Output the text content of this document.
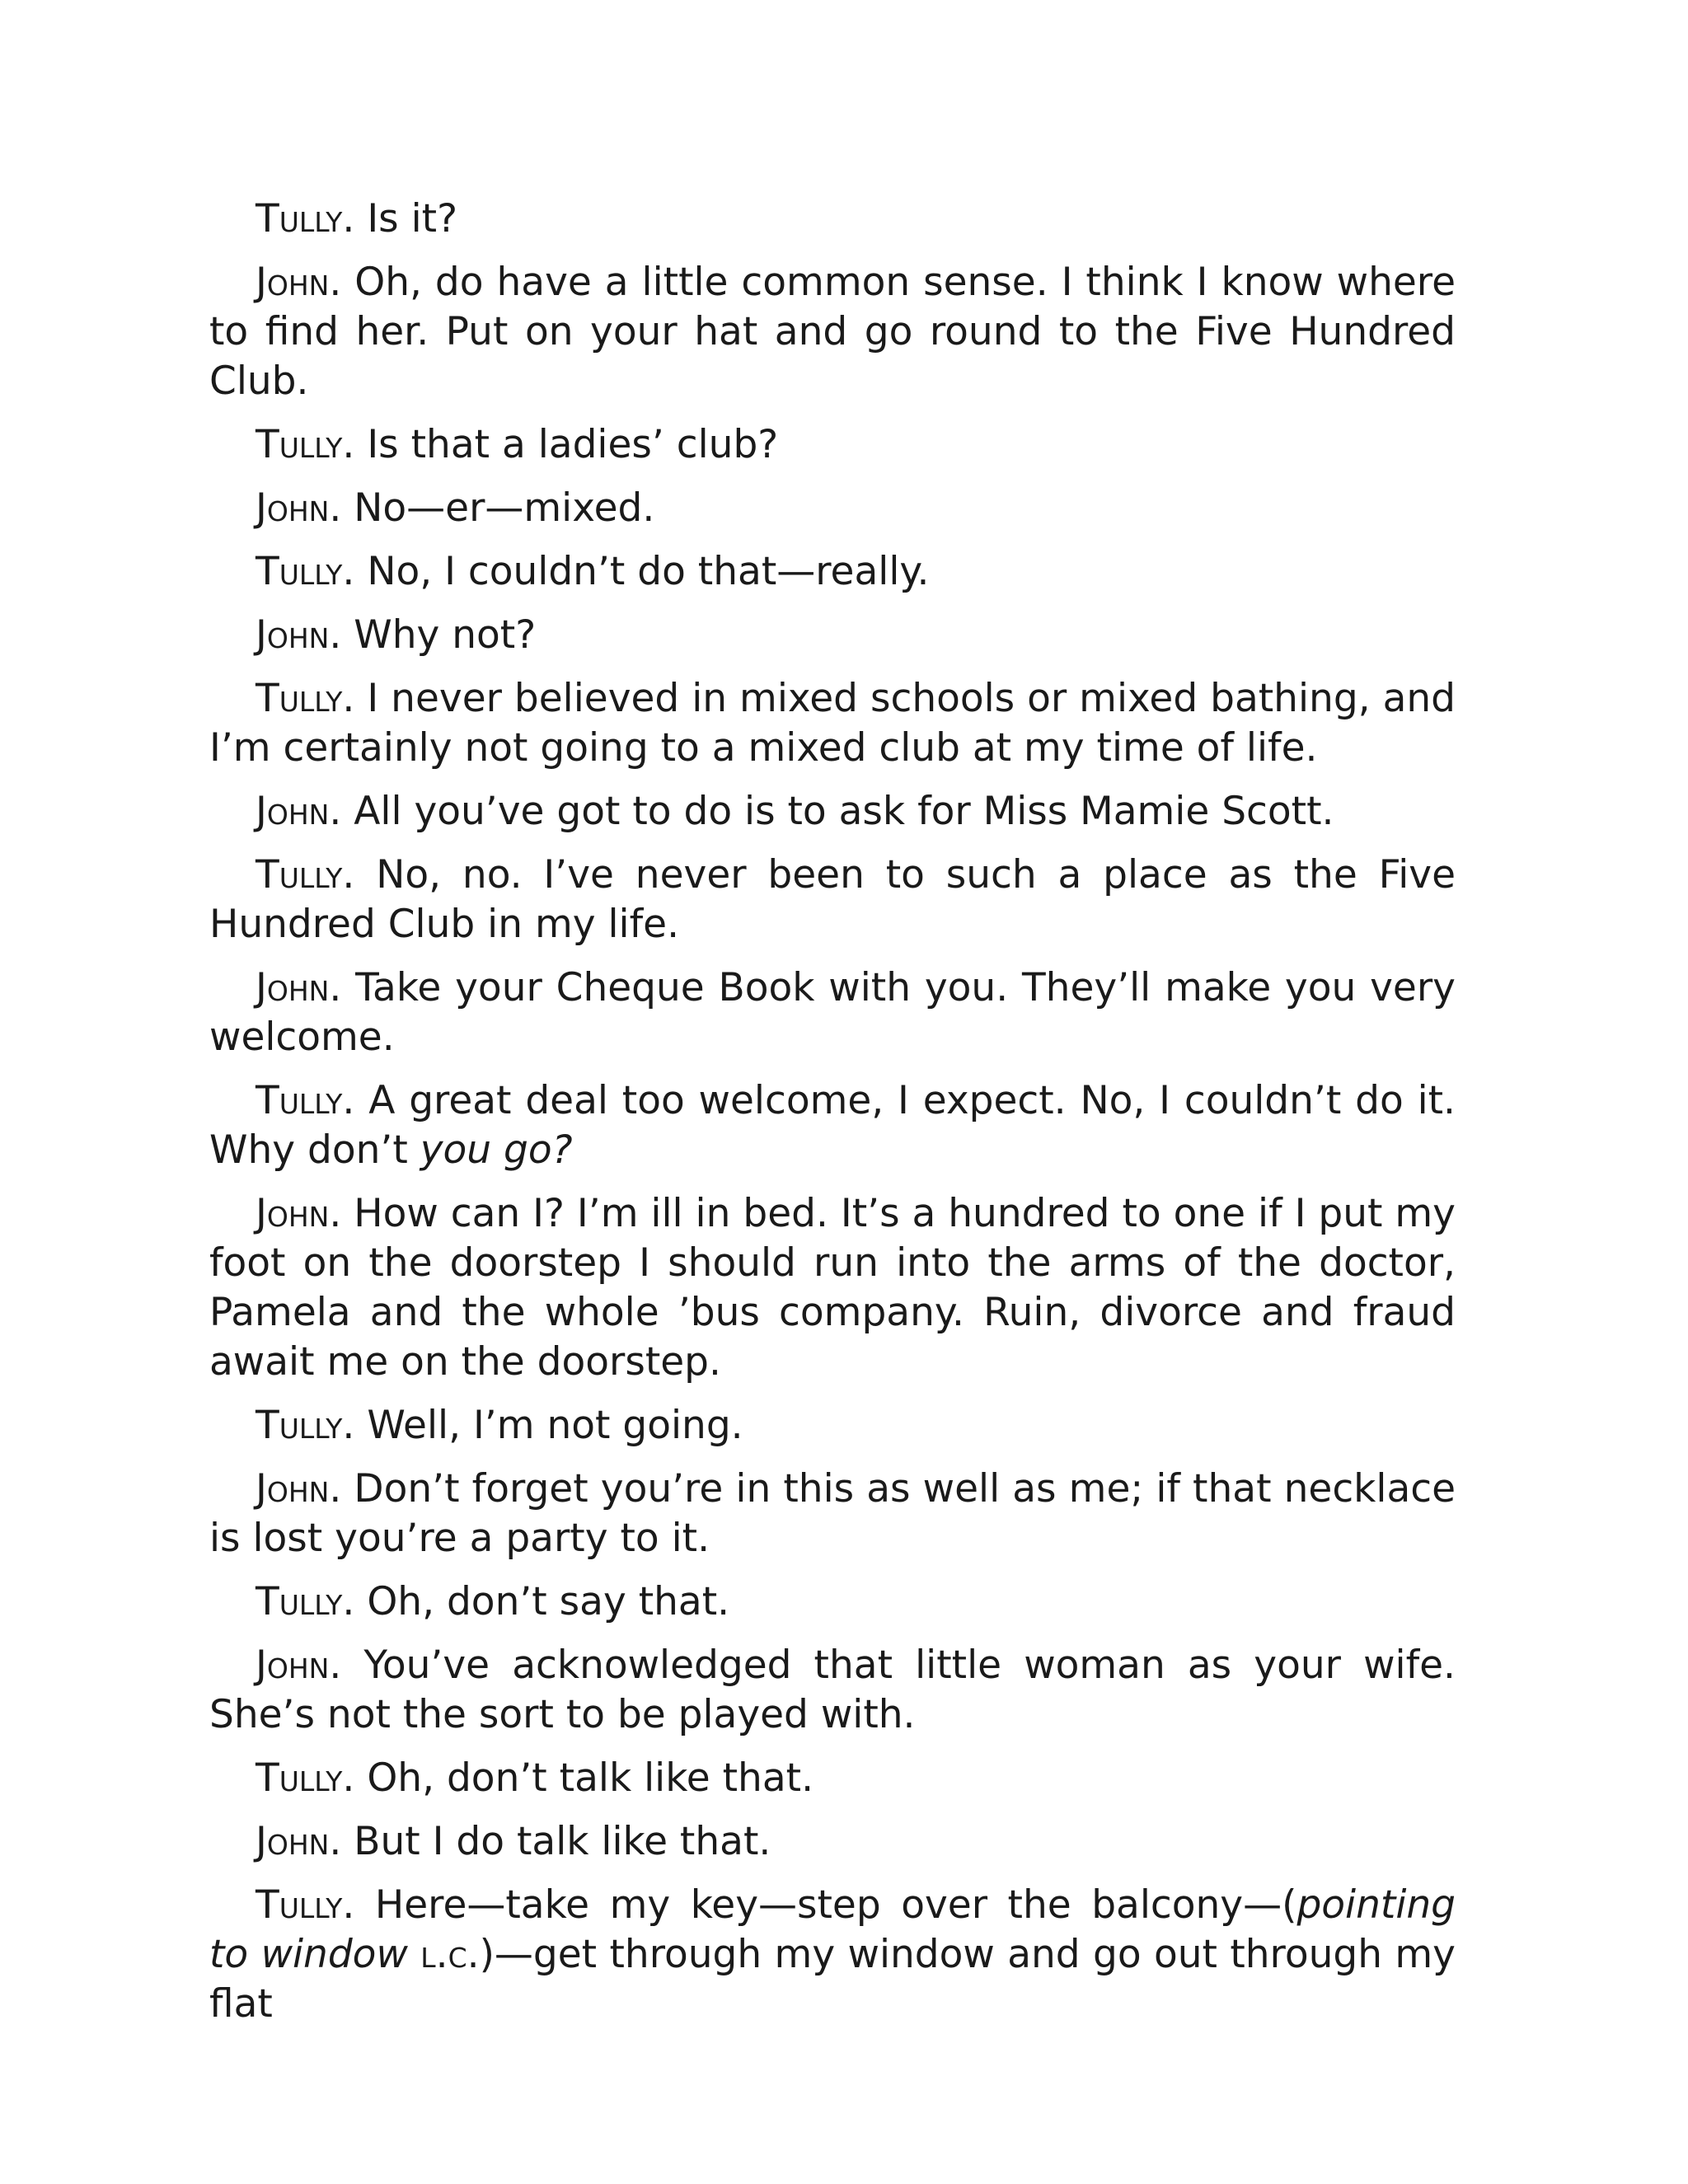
Tully. Is it?

John. Oh, do have a little common sense. I think I know where to find her. Put on your hat and go round to the Five Hundred Club.

Tully. Is that a ladies’ club?

John. No—er—mixed.

Tully. No, I couldn’t do that—really.

John. Why not?

Tully. I never believed in mixed schools or mixed bathing, and I’m certainly not going to a mixed club at my time of life.

John. All you’ve got to do is to ask for Miss Mamie Scott.

Tully. No, no. I’ve never been to such a place as the Five Hundred Club in my life.

John. Take your Cheque Book with you. They’ll make you very welcome.

Tully. A great deal too welcome, I expect. No, I couldn’t do it. Why don’t you go?

John. How can I? I’m ill in bed. It’s a hundred to one if I put my foot on the doorstep I should run into the arms of the doctor, Pamela and the whole ’bus company. Ruin, divorce and fraud await me on the doorstep.

Tully. Well, I’m not going.

John. Don’t forget you’re in this as well as me; if that necklace is lost you’re a party to it.

Tully. Oh, don’t say that.

John. You’ve acknowledged that little woman as your wife. She’s not the sort to be played with.

Tully. Oh, don’t talk like that.

John. But I do talk like that.

Tully. Here—take my key—step over the balcony—(pointing to window l.c.)—get through my window and go out through my flat
